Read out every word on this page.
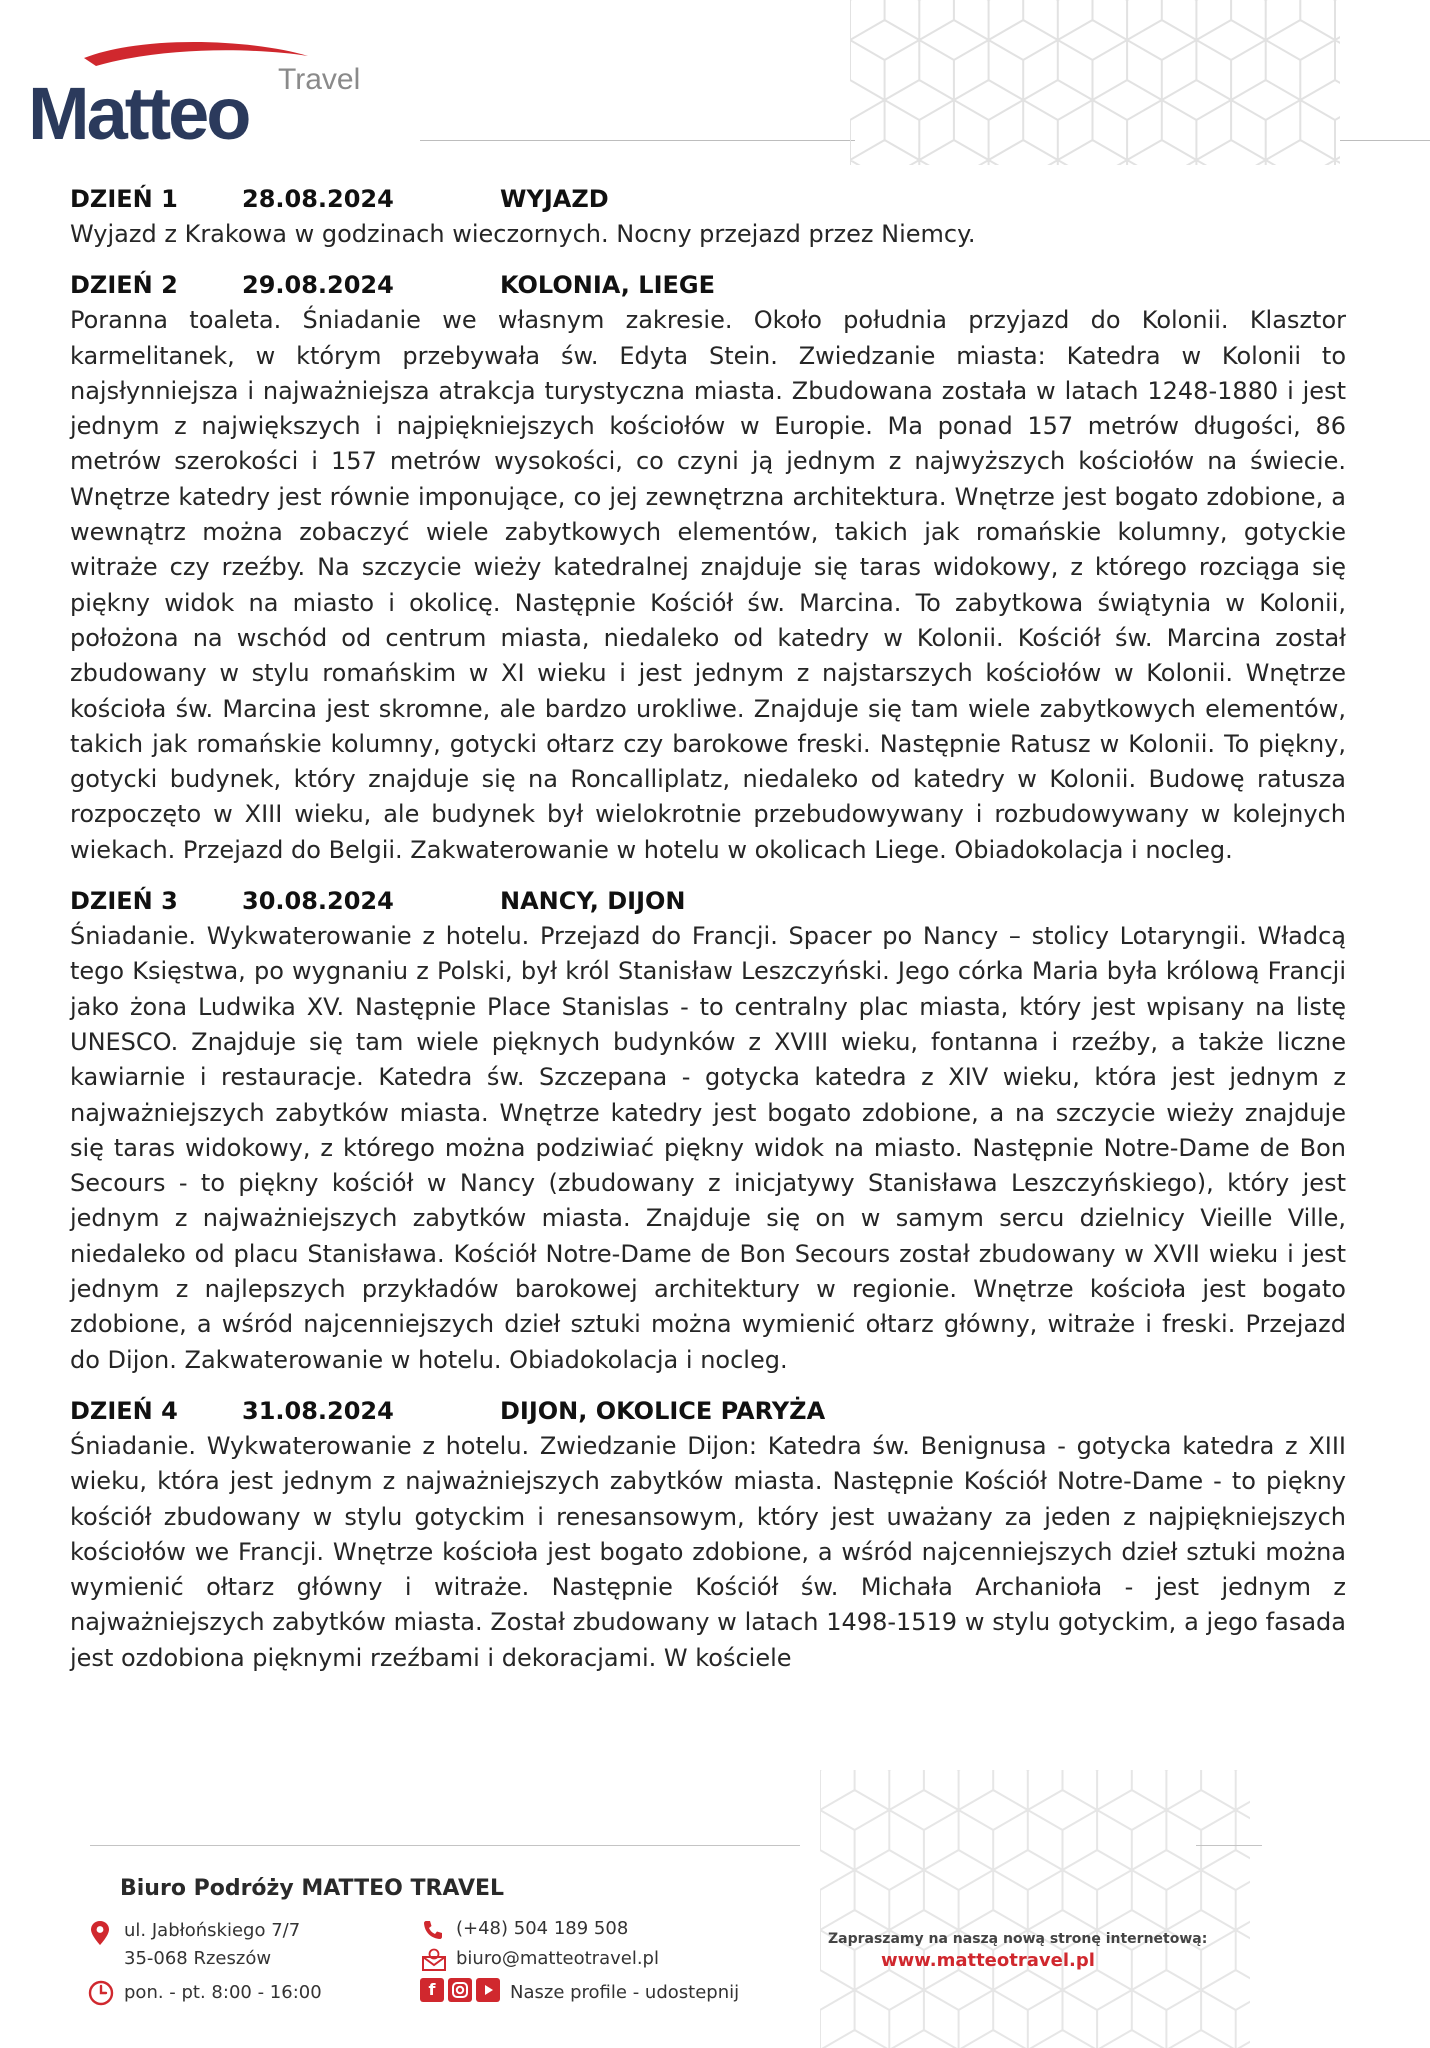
Travel
Matteo
DZIEŃ 1	28.08.2024	WYJAZD

Wyjazd z Krakowa w godzinach wieczornych. Nocny przejazd przez Niemcy.

DZIEŃ 2	29.08.2024	KOLONIA, LIEGE

Poranna toaleta. Śniadanie we własnym zakresie. Około południa przyjazd do Kolonii. Klasztor karmelitanek, w którym przebywała św. Edyta Stein. Zwiedzanie miasta: Katedra w Kolonii to najsłynniejsza i najważniejsza atrakcja turystyczna miasta. Zbudowana została w latach 1248-1880 i jest jednym z największych i najpiękniejszych kościołów w Europie. Ma ponad 157 metrów długości, 86 metrów szerokości i 157 metrów wysokości, co czyni ją jednym z najwyższych kościołów na świecie. Wnętrze katedry jest równie imponujące, co jej zewnętrzna architektura. Wnętrze jest bogato zdobione, a wewnątrz można zobaczyć wiele zabytkowych elementów, takich jak romańskie kolumny, gotyckie witraże czy rzeźby. Na szczycie wieży katedralnej znajduje się taras widokowy, z którego rozciąga się piękny widok na miasto i okolicę. Następnie Kościół św. Marcina. To zabytkowa świątynia w Kolonii, położona na wschód od centrum miasta, niedaleko od katedry w Kolonii. Kościół św. Marcina został zbudowany w stylu romańskim w XI wieku i jest jednym z najstarszych kościołów w Kolonii. Wnętrze kościoła św. Marcina jest skromne, ale bardzo urokliwe. Znajduje się tam wiele zabytkowych elementów, takich jak romańskie kolumny, gotycki ołtarz czy barokowe freski. Następnie Ratusz w Kolonii. To piękny, gotycki budynek, który znajduje się na Roncalliplatz, niedaleko od katedry w Kolonii. Budowę ratusza rozpoczęto w XIII wieku, ale budynek był wielokrotnie przebudowywany i rozbudowywany w kolejnych wiekach. Przejazd do Belgii. Zakwaterowanie w hotelu w okolicach Liege. Obiadokolacja i nocleg.

DZIEŃ 3	30.08.2024	NANCY, DIJON

Śniadanie. Wykwaterowanie z hotelu. Przejazd do Francji. Spacer po Nancy – stolicy Lotaryngii. Władcą tego Księstwa, po wygnaniu z Polski, był król Stanisław Leszczyński. Jego córka Maria była królową Francji jako żona Ludwika XV. Następnie Place Stanislas - to centralny plac miasta, który jest wpisany na listę UNESCO. Znajduje się tam wiele pięknych budynków z XVIII wieku, fontanna i rzeźby, a także liczne kawiarnie i restauracje. Katedra św. Szczepana - gotycka katedra z XIV wieku, która jest jednym z najważniejszych zabytków miasta. Wnętrze katedry jest bogato zdobione, a na szczycie wieży znajduje się taras widokowy, z którego można podziwiać piękny widok na miasto. Następnie Notre-Dame de Bon Secours - to piękny kościół w Nancy (zbudowany z inicjatywy Stanisława Leszczyńskiego), który jest jednym z najważniejszych zabytków miasta. Znajduje się on w samym sercu dzielnicy Vieille Ville, niedaleko od placu Stanisława. Kościół Notre-Dame de Bon Secours został zbudowany w XVII wieku i jest jednym z najlepszych przykładów barokowej architektury w regionie. Wnętrze kościoła jest bogato zdobione, a wśród najcenniejszych dzieł sztuki można wymienić ołtarz główny, witraże i freski. Przejazd do Dijon. Zakwaterowanie w hotelu. Obiadokolacja i nocleg.

DZIEŃ 4	31.08.2024	DIJON, OKOLICE PARYŻA

Śniadanie. Wykwaterowanie z hotelu. Zwiedzanie Dijon: Katedra św. Benignusa - gotycka katedra z XIII wieku, która jest jednym z najważniejszych zabytków miasta. Następnie Kościół Notre-Dame - to piękny kościół zbudowany w stylu gotyckim i renesansowym, który jest uważany za jeden z najpiękniejszych kościołów we Francji. Wnętrze kościoła jest bogato zdobione, a wśród najcenniejszych dzieł sztuki można wymienić ołtarz główny i witraże. Następnie Kościół św. Michała Archanioła - jest jednym z najważniejszych zabytków miasta. Został zbudowany w latach 1498-1519 w stylu gotyckim, a jego fasada jest ozdobiona pięknymi rzeźbami i dekoracjami. W kościele

Biuro Podróży MATTEO TRAVEL
ul. Jabłońskiego 7/7
35-068 Rzeszów
pon. - pt. 8:00 - 16:00
(+48) 504 189 508
biuro@matteotravel.pl
f	Nasze profile - udostepnij
Zapraszamy na naszą nową stronę internetową:
www.matteotravel.pl
